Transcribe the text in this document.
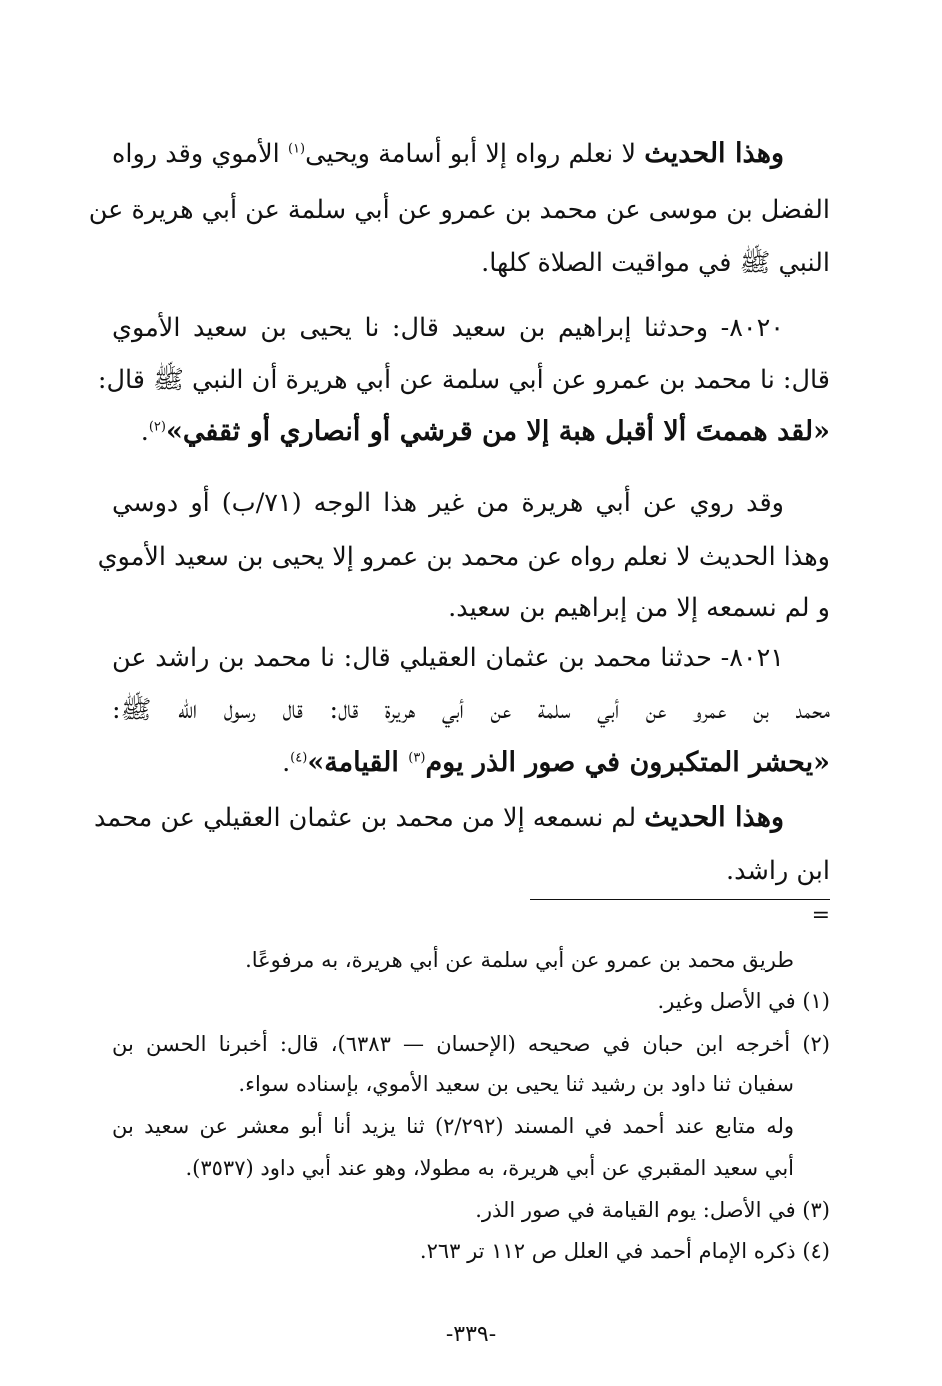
وهذا الحديث لا نعلم رواه إلا أبو أسامة ويحيى$^{(١)}$ الأموي وقد رواه
الفضل بن موسى عن محمد بن عمرو عن أبي سلمة عن أبي هريرة عن
النبي ﷺ في مواقيت الصلاة كلها.
٨٠٢٠- وحدثنا إبراهيم بن سعيد قال: نا يحيى بن سعيد الأموي
قال: نا محمد بن عمرو عن أبي سلمة عن أبي هريرة أن النبي ﷺ قال:
«لقد هممتَ ألا أقبل هبة إلا من قرشي أو أنصاري أو ثقفي»$^{(٢)}$.
وقد روي عن أبي هريرة من غير هذا الوجه (٧١/ب) أو دوسي
وهذا الحديث لا نعلم رواه عن محمد بن عمرو إلا يحيى بن سعيد الأموي
و لم نسمعه إلا من إبراهيم بن سعيد.
٨٠٢١- حدثنا محمد بن عثمان العقيلي قال: نا محمد بن راشد عن
محمد بن عمرو عن أبي سلمة عن أبي هريرة قال: قال رسول الله ﷺ:
«يحشر المتكبرون في صور الذر يوم$^{(٣)}$ القيامة»$^{(٤)}$.
وهذا الحديث لم نسمعه إلا من محمد بن عثمان العقيلي عن محمد
ابن راشد.
=
طريق محمد بن عمرو عن أبي سلمة عن أبي هريرة، به مرفوعًا.
(١) في الأصل وغير.
(٢) أخرجه ابن حبان في صحيحه (الإحسان — ٦٣٨٣)، قال: أخبرنا الحسن بن
سفيان ثنا داود بن رشيد ثنا يحيى بن سعيد الأموي، بإسناده سواء.
وله متابع عند أحمد في المسند (٢/٢٩٢) ثنا يزيد أنا أبو معشر عن سعيد بن
أبي سعيد المقبري عن أبي هريرة، به مطولا، وهو عند أبي داود (٣٥٣٧).
(٣) في الأصل: يوم القيامة في صور الذر.
(٤) ذكره الإمام أحمد في العلل ص ١١٢ تر ٢٦٣.
-٣٣٩-
